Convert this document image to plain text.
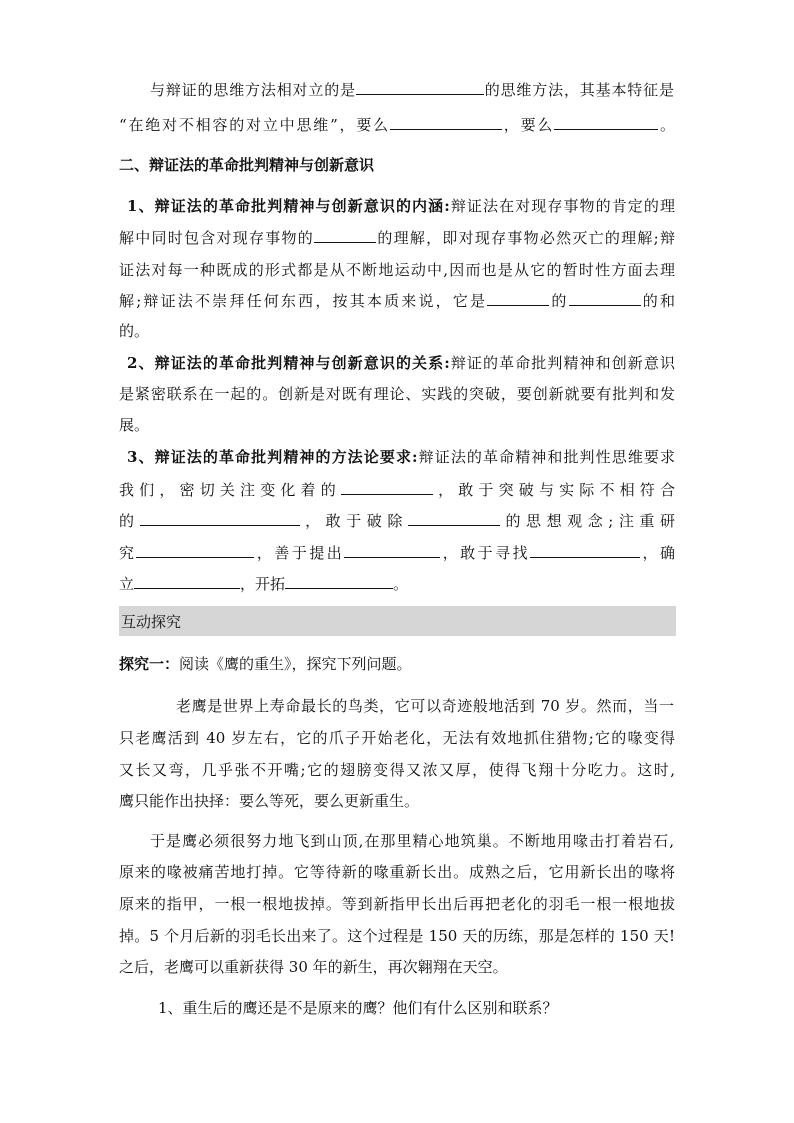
与辩证的思维方法相对立的是	的思维方法，其基本特征是
“在绝对不相容的对立中思维”，要么	，要么	。
二、辩证法的革命批判精神与创新意识
1、辩证法的革命批判精神与创新意识的内涵:辩证法在对现存事物的肯定的理
解中同时包含对现存事物的	的理解，即对现存事物必然灭亡的理解;辩
证法对每一种既成的形式都是从不断地运动中,因而也是从它的暂时性方面去理
解;辩证法不崇拜任何东西，按其本质来说，它是	的	的和
的。
2、辩证法的革命批判精神与创新意识的关系:辩证的革命批判精神和创新意识
是紧密联系在一起的。创新是对既有理论、实践的突破，要创新就要有批判和发
展。
3、辩证法的革命批判精神的方法论要求:辩证法的革命精神和批判性思维要求
我们，密切关注变化着的	，敢于突破与实际不相符合
的	，敢于破除	的思想观念;注重研
究	，善于提出	，敢于寻找	，确
立	，开拓	。
互动探究
探究一：阅读《鹰的重生》，探究下列问题。
老鹰是世界上寿命最长的鸟类，它可以奇迹般地活到 70 岁。然而，当一
只老鹰活到 40 岁左右，它的爪子开始老化，无法有效地抓住猎物;它的喙变得
又长又弯，几乎张不开嘴;它的翅膀变得又浓又厚，使得飞翔十分吃力。这时,
鹰只能作出抉择：要么等死，要么更新重生。
于是鹰必须很努力地飞到山顶,在那里精心地筑巢。不断地用喙击打着岩石,
原来的喙被痛苦地打掉。它等待新的喙重新长出。成熟之后，它用新长出的喙将
原来的指甲，一根一根地拔掉。等到新指甲长出后再把老化的羽毛一根一根地拔
掉。5 个月后新的羽毛长出来了。这个过程是 150 天的历练，那是怎样的 150 天!
之后，老鹰可以重新获得 30 年的新生，再次翱翔在天空。
1、重生后的鹰还是不是原来的鹰？他们有什么区别和联系？
